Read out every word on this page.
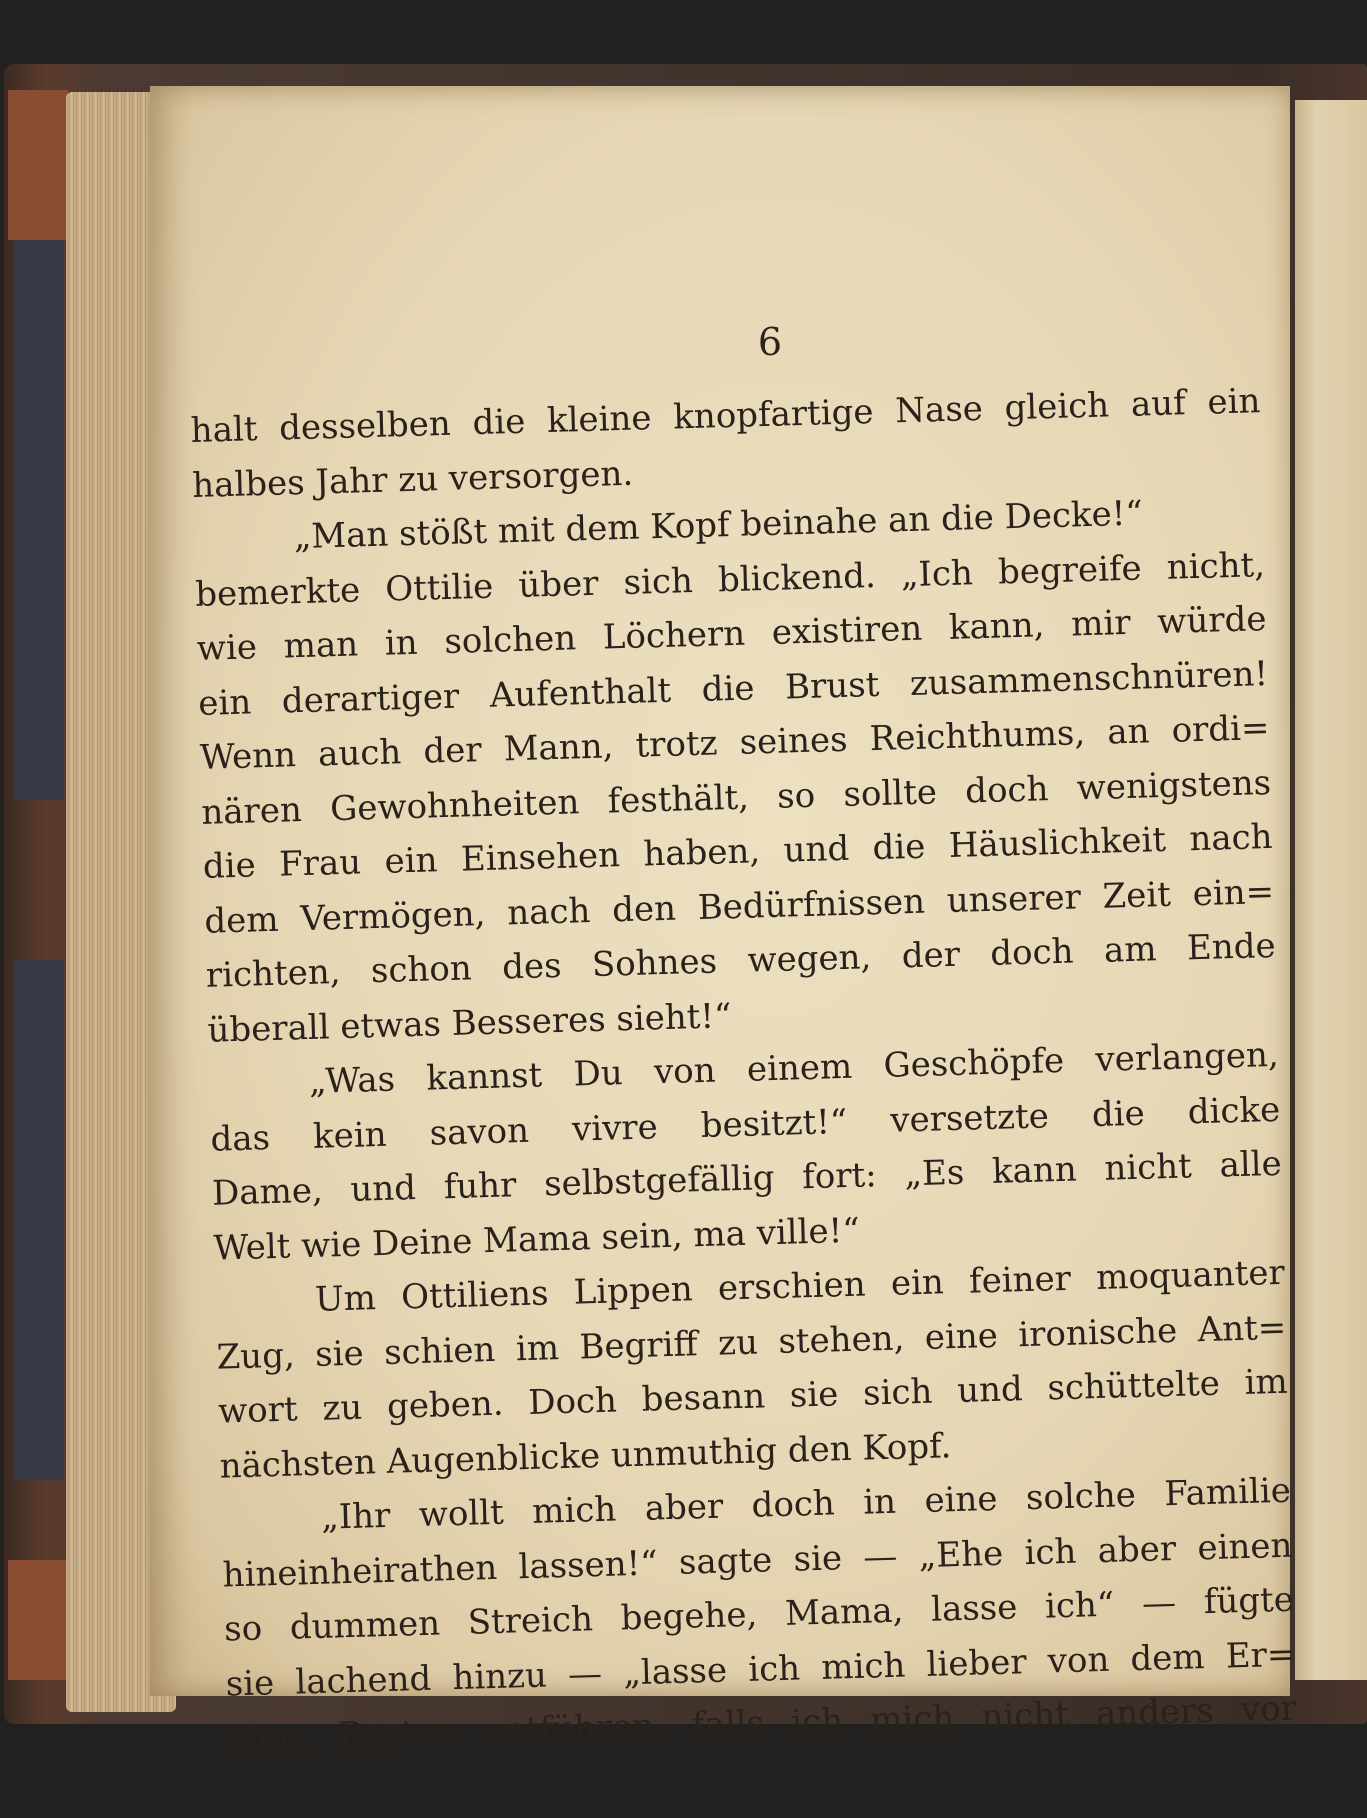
6
halt desselben die kleine knopfartige Nase gleich auf ein
halbes Jahr zu versorgen.
„Man stößt mit dem Kopf beinahe an die Decke!“
bemerkte Ottilie über sich blickend. „Ich begreife nicht,
wie man in solchen Löchern existiren kann, mir würde
ein derartiger Aufenthalt die Brust zusammenschnüren!
Wenn auch der Mann, trotz seines Reichthums, an ordi=
nären Gewohnheiten festhält, so sollte doch wenigstens
die Frau ein Einsehen haben, und die Häuslichkeit nach
dem Vermögen, nach den Bedürfnissen unserer Zeit ein=
richten, schon des Sohnes wegen, der doch am Ende
überall etwas Besseres sieht!“
„Was kannst Du von einem Geschöpfe verlangen,
das kein savon vivre besitzt!“ versetzte die dicke
Dame, und fuhr selbstgefällig fort: „Es kann nicht alle
Welt wie Deine Mama sein, ma ville!“
Um Ottiliens Lippen erschien ein feiner moquanter
Zug, sie schien im Begriff zu stehen, eine ironische Ant=
wort zu geben. Doch besann sie sich und schüttelte im
nächsten Augenblicke unmuthig den Kopf.
„Ihr wollt mich aber doch in eine solche Familie
hineinheirathen lassen!“ sagte sie — „Ehe ich aber einen
so dummen Streich begehe, Mama, lasse ich“ — fügte
sie lachend hinzu — „lasse ich mich lieber von dem Er=
sten, Besten entführen, falls ich mich nicht anders vor
